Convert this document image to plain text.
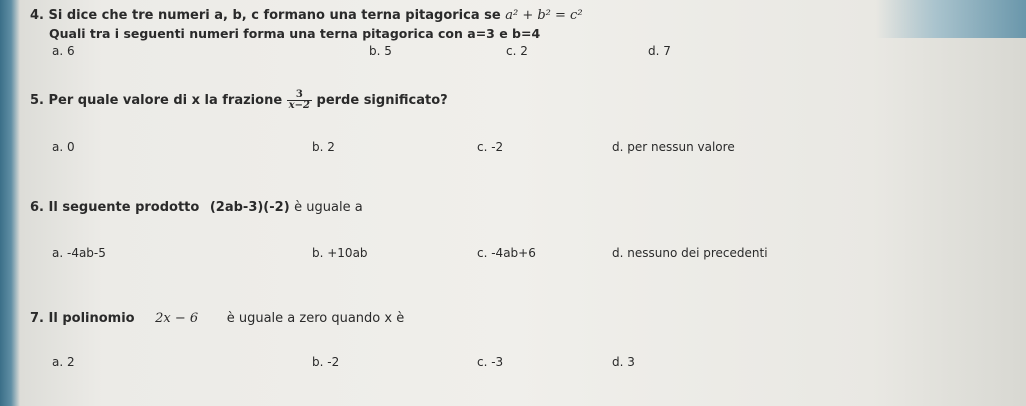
4. Si dice che tre numeri a, b, c formano una terna pitagorica se a² + b² = c²
Quali tra i seguenti numeri forma una terna pitagorica con a=3 e b=4
a. 6	b. 5	c. 2	d. 7
5. Per quale valore di x la frazione $\frac{3}{x-2}$ perde significato?
a. 0	b. 2	c. -2	d. per nessun valore
6. Il seguente prodotto (2ab-3)(-2) è uguale a
a. -4ab-5	b. +10ab	c. -4ab+6	d. nessuno dei precedenti
7. Il polinomio 2x − 6 è uguale a zero quando x è
a. 2	b. -2	c. -3	d. 3
